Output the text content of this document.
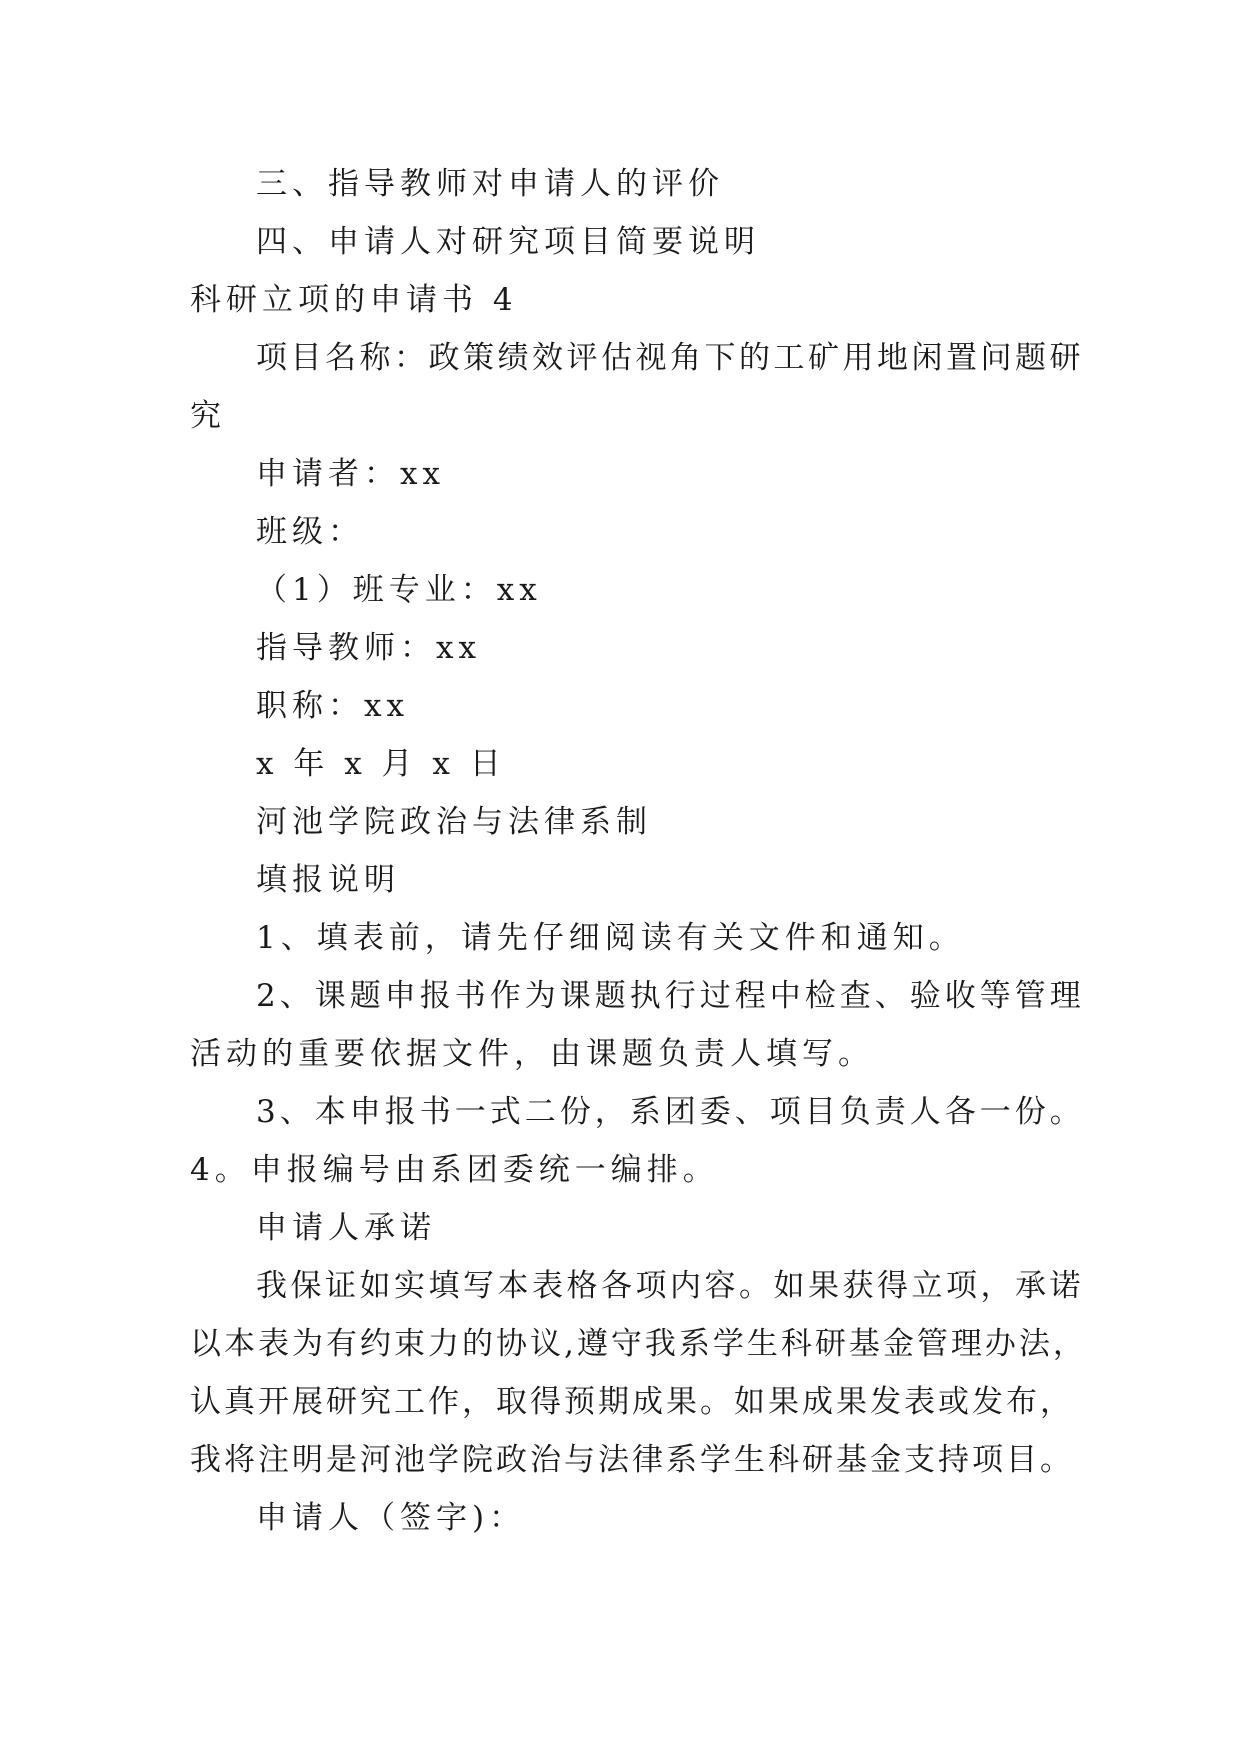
三、指导教师对申请人的评价
四、申请人对研究项目简要说明
科研立项的申请书 4
项目名称：政策绩效评估视角下的工矿用地闲置问题研
究
申请者：xx
班级：
（1）班专业：xx
指导教师：xx
职称：xx
x 年 x 月 x 日
河池学院政治与法律系制
填报说明
1、填表前，请先仔细阅读有关文件和通知。
2、课题申报书作为课题执行过程中检查、验收等管理
活动的重要依据文件，由课题负责人填写。
3、本申报书一式二份，系团委、项目负责人各一份。
4。申报编号由系团委统一编排。
申请人承诺
我保证如实填写本表格各项内容。如果获得立项，承诺
以本表为有约束力的协议,遵守我系学生科研基金管理办法，
认真开展研究工作，取得预期成果。如果成果发表或发布，
我将注明是河池学院政治与法律系学生科研基金支持项目。
申请人（签字)：
